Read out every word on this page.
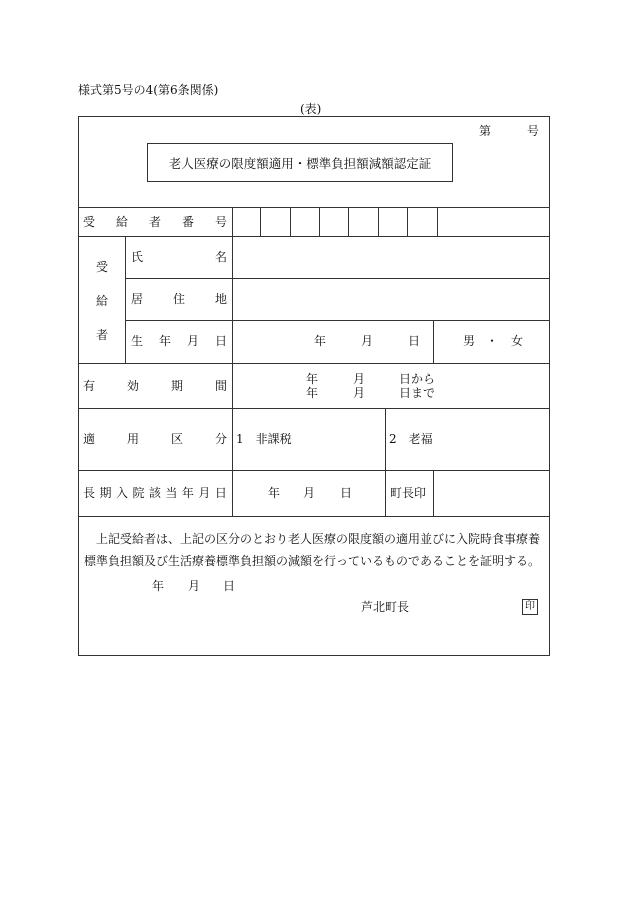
様式第5号の4(第6条関係)
(表)
第	号
受 給 者 番 号
受
給
者
氏	名
居 住 地
生 年 月 日	年	月	日	男 ・ 女
有	効	期	間	年	月	日から
年	月	日まで
適	用	区	分 1　非課税	2　老福
長 期 入 院 該 当 年 月 日	年 月 日	町長印
老人医療の限度額適用・標準負担額減額認定証
上記受給者は、上記の区分のとおり老人医療の限度額の適用並びに入院時食事療養標準負担額及び生活療養標準負担額の減額を行っているものであることを証明する。
年 月 日
芦北町長	印
